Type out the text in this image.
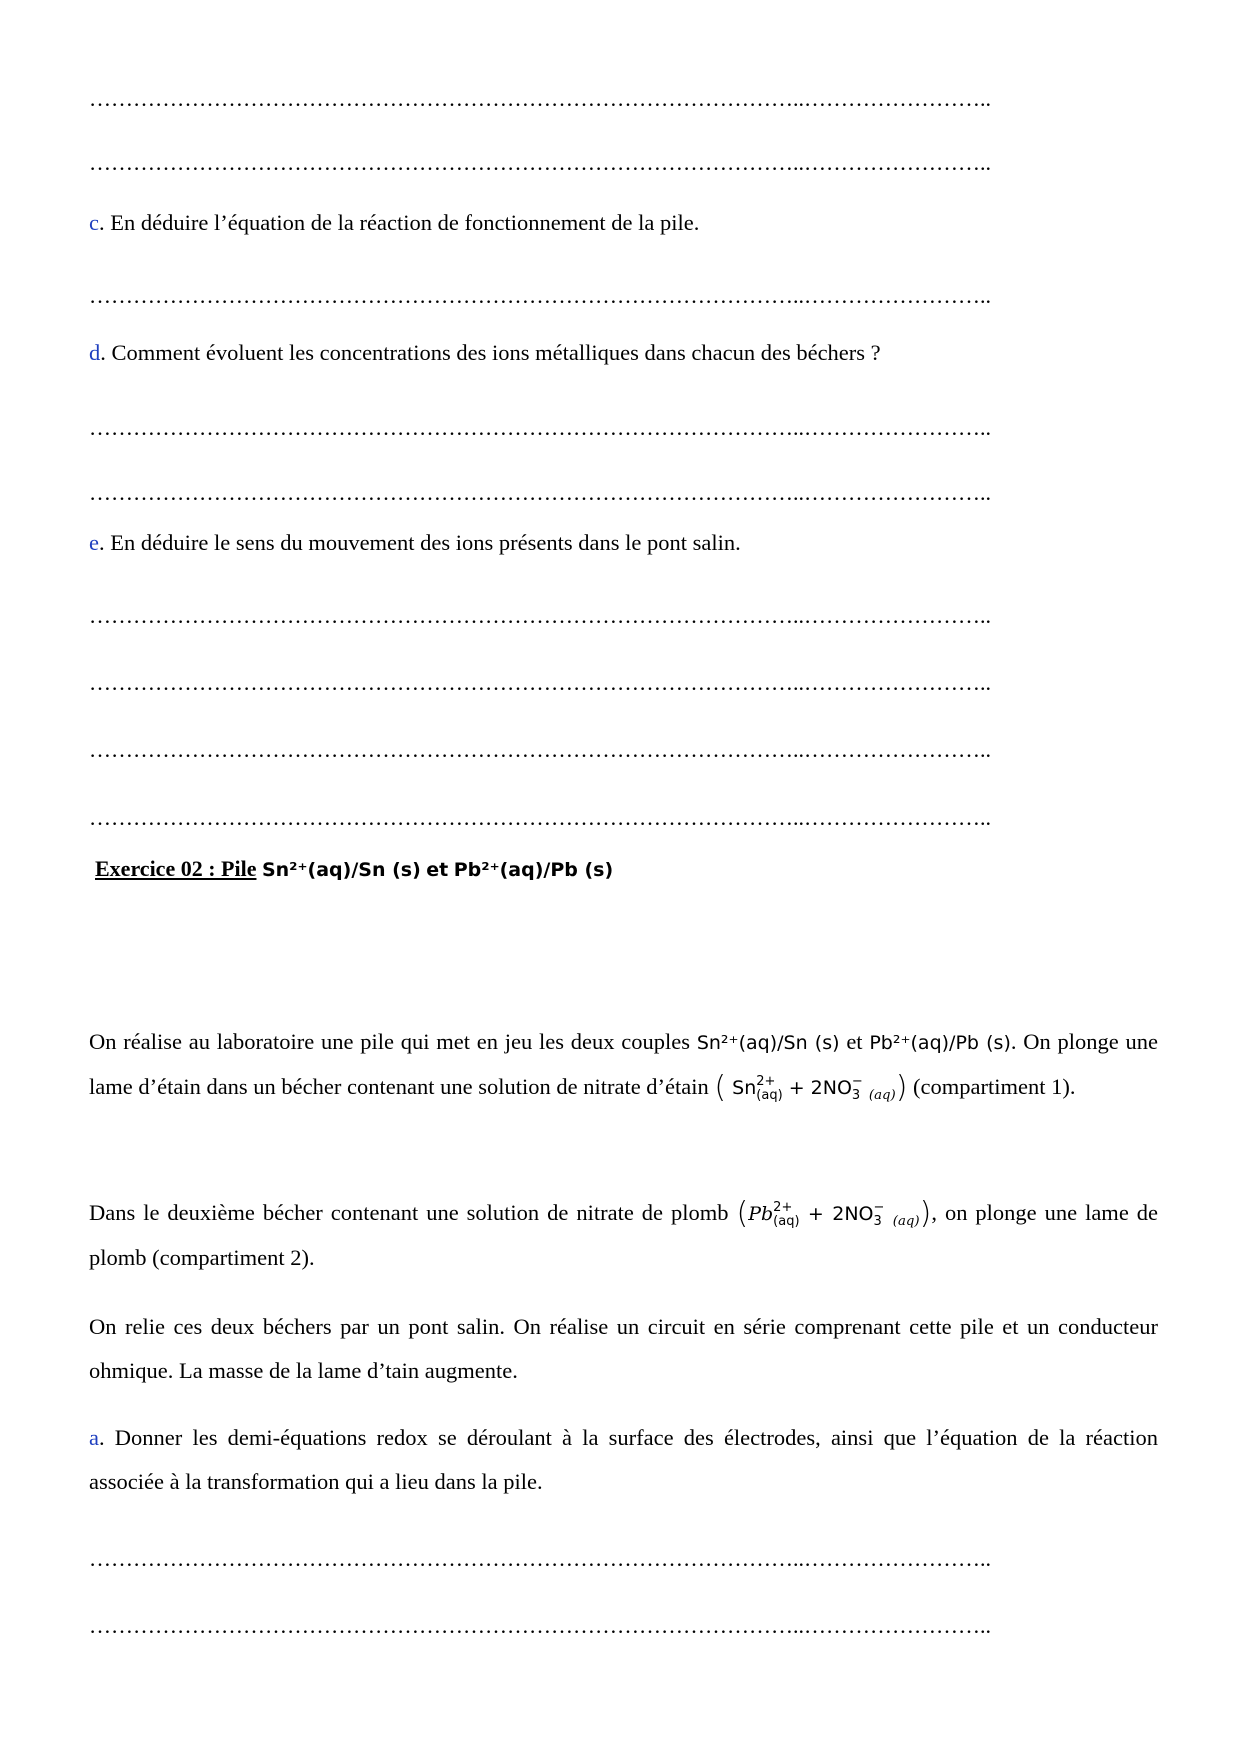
……………………………………………………………………………………..……………………..
……………………………………………………………………………………..……………………..
c. En déduire l’équation de la réaction de fonctionnement de la pile.
……………………………………………………………………………………..……………………..
d. Comment évoluent les concentrations des ions métalliques dans chacun des béchers ?
……………………………………………………………………………………..……………………..
……………………………………………………………………………………..……………………..
e. En déduire le sens du mouvement des ions présents dans le pont salin.
……………………………………………………………………………………..……………………..
……………………………………………………………………………………..……………………..
……………………………………………………………………………………..……………………..
……………………………………………………………………………………..……………………..
Exercice 02 : Pile Sn²⁺(aq)/Sn (s) et Pb²⁺(aq)/Pb (s)
On réalise au laboratoire une pile qui met en jeu les deux couples Sn²⁺(aq)/Sn (s) et Pb²⁺(aq)/Pb (s). On plonge une lame d’étain dans un bécher contenant une solution de nitrate d’étain ( Sn 2+
(aq) + 2NO −
3 $_{(aq)}$) (compartiment 1).
Dans le deuxième bécher contenant une solution de nitrate de plomb (Pb 2+
(aq) + 2NO −
3 $_{(aq)}$), on plonge une lame de plomb (compartiment 2).
On relie ces deux béchers par un pont salin. On réalise un circuit en série comprenant cette pile et un conducteur ohmique. La masse de la lame d’tain augmente.
a. Donner les demi-équations redox se déroulant à la surface des électrodes, ainsi que l’équation de la réaction associée à la transformation qui a lieu dans la pile.
……………………………………………………………………………………..……………………..
……………………………………………………………………………………..……………………..
